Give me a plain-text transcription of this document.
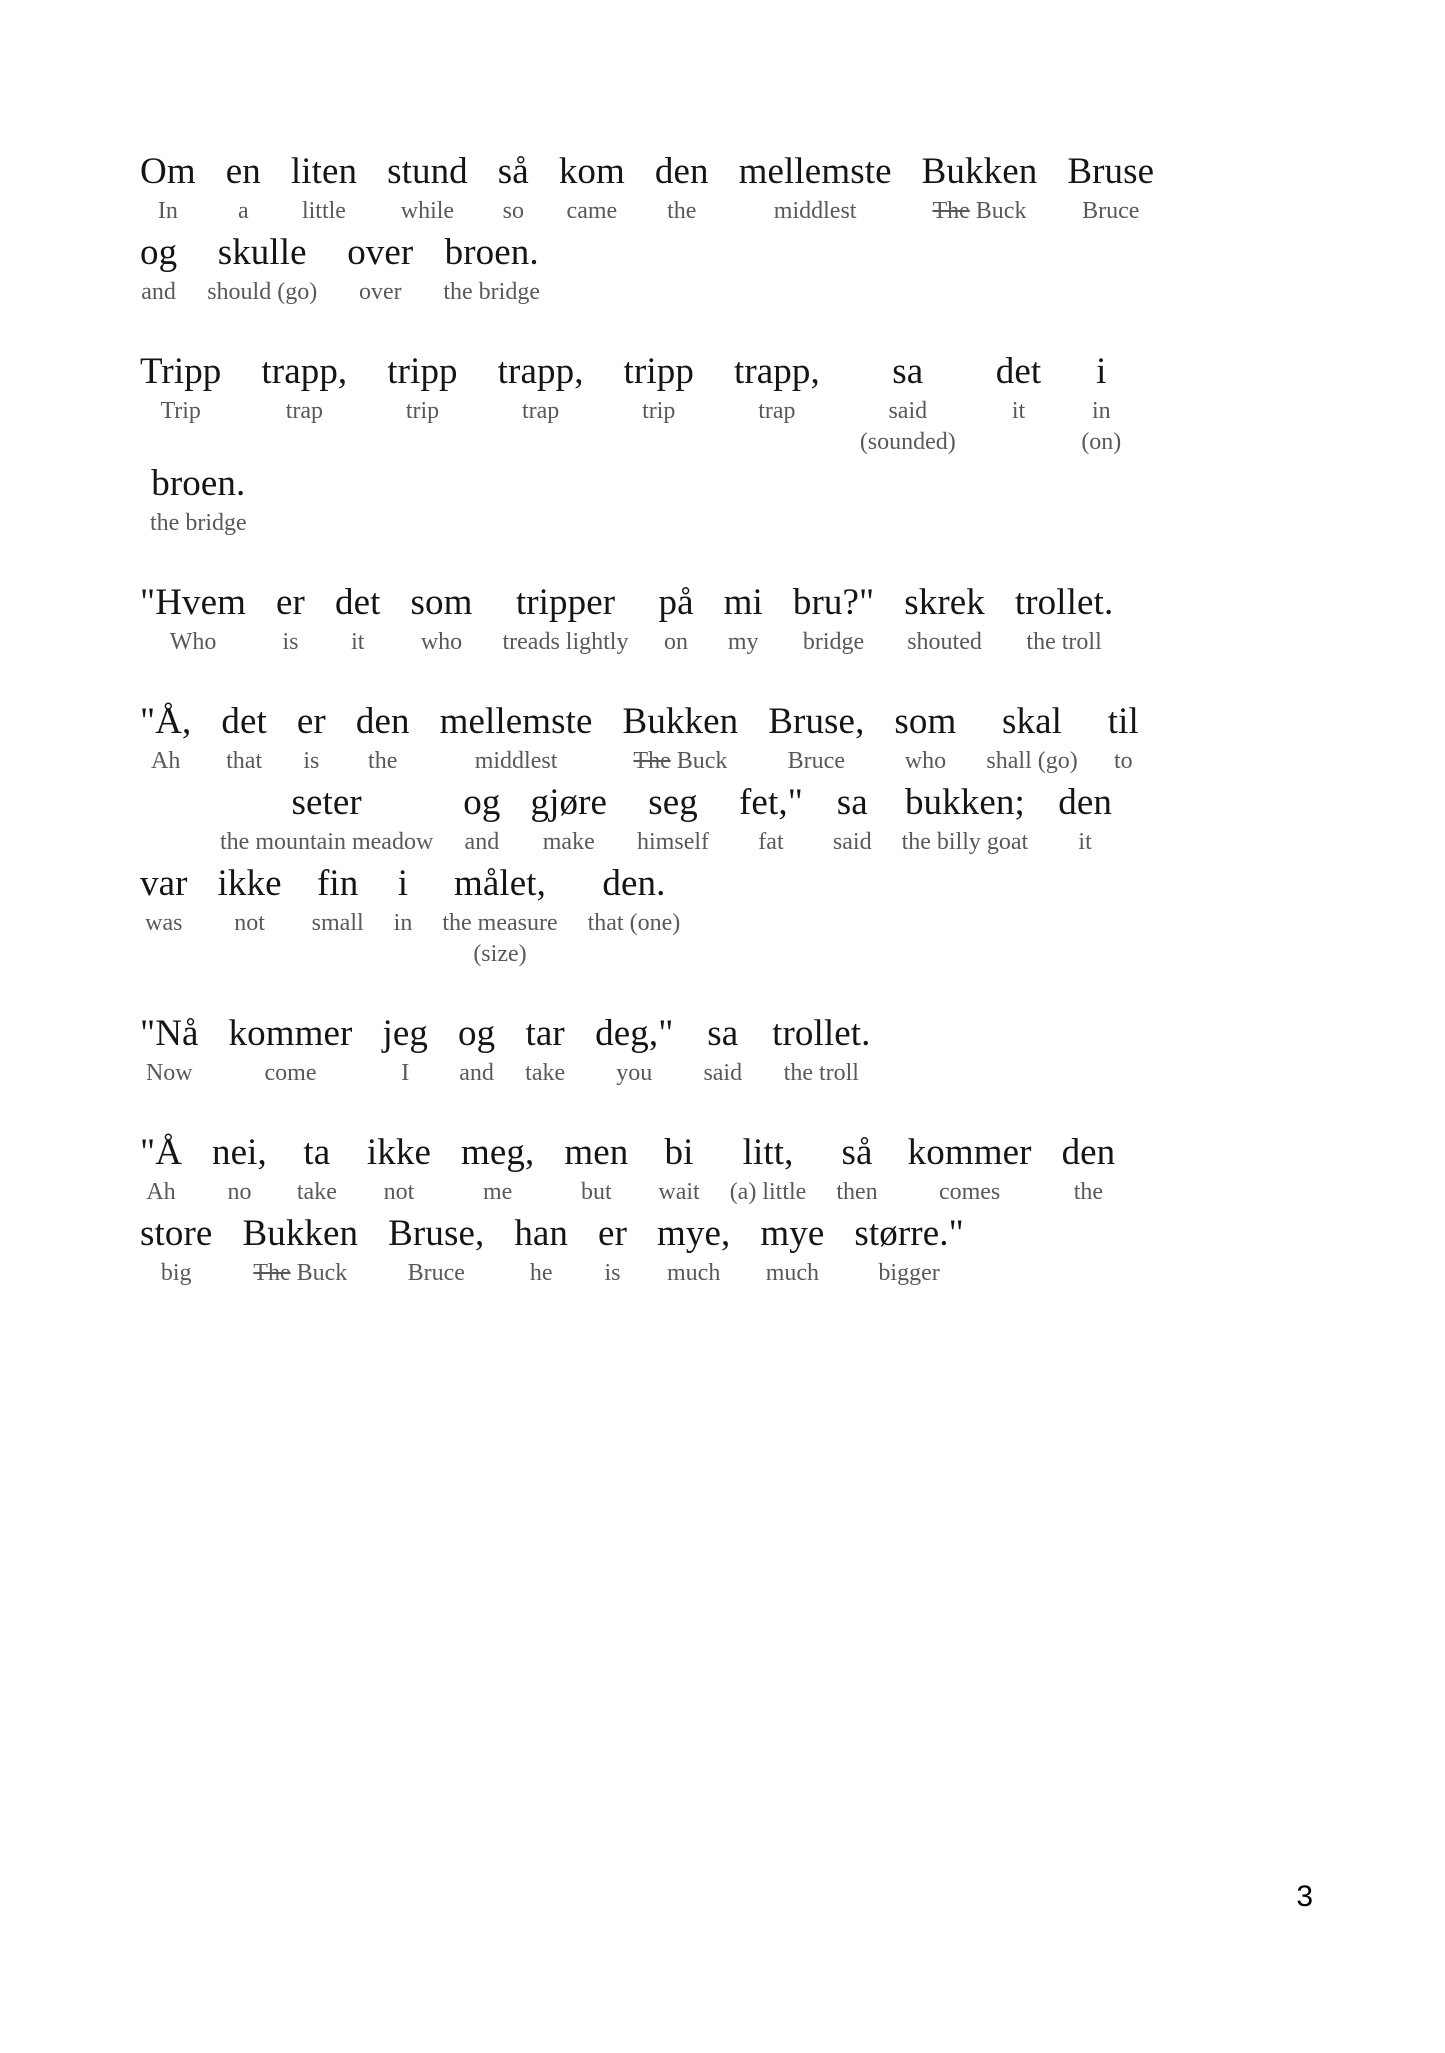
Om
In
en
a
liten
little
stund
while
så
so
kom
came
den
the
mellemste
middlest
Bukken
The Buck
Bruse
Bruce
og
and
skulle
should (go)
over
over
broen.
the bridge
Tripp
Trip
trapp,
trap
tripp
trip
trapp,
trap
tripp
trip
trapp,
trap
sa
said
(sounded)
det
it
i
in
(on)
broen.
the bridge
"Hvem
Who
er
is
det
it
som
who
tripper
treads lightly
på
on
mi
my
bru?"
bridge
skrek
shouted
trollet.
the troll
"Å,
Ah
det
that
er
is
den
the
mellemste
middlest
Bukken
The Buck
Bruse,
Bruce
som
who
skal
shall (go)
til
to
seter
the mountain meadow
og
and
gjøre
make
seg
himself
fet,"
fat
sa
said
bukken;
the billy goat
den
it
var
was
ikke
not
fin
small
i
in
målet,
the measure
(size)
den.
that (one)
"Nå
Now
kommer
come
jeg
I
og
and
tar
take
deg,"
you
sa
said
trollet.
the troll
"Å
Ah
nei,
no
ta
take
ikke
not
meg,
me
men
but
bi
wait
litt,
(a) little
så
then
kommer
comes
den
the
store
big
Bukken
The Buck
Bruse,
Bruce
han
he
er
is
mye,
much
mye
much
større."
bigger
3
